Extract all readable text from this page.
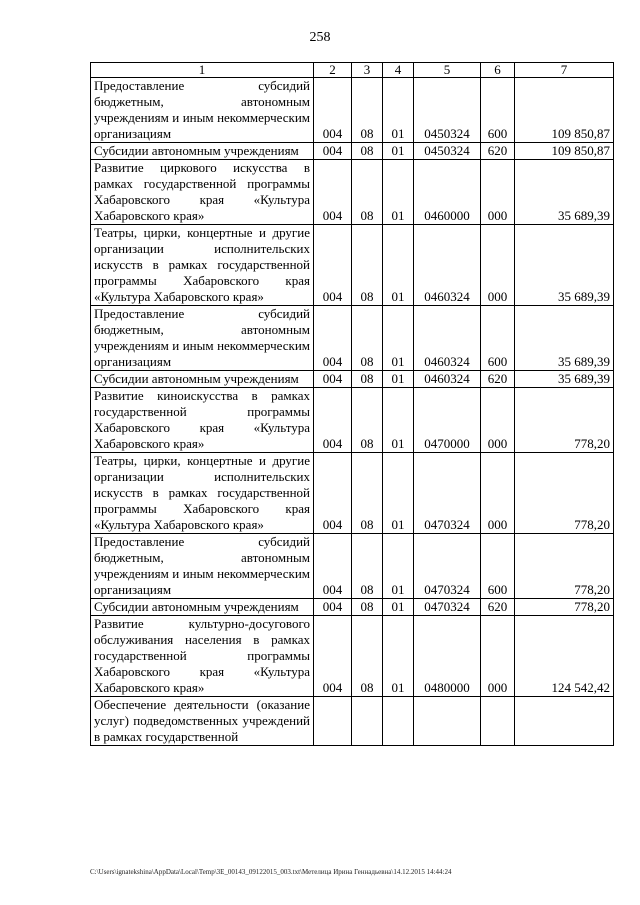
258
1	2	3	4	5	6	7
Предоставление субсидий бюджетным, автономным учреждениям и иным некоммерческим организациям	004	08	01	0450324	600	109 850,87
Субсидии автономным учреждениям	004	08	01	0450324	620	109 850,87
Развитие циркового искусства в рамках государственной программы Хабаровского края «Культура Хабаровского края»	004	08	01	0460000	000	35 689,39
Театры, цирки, концертные и другие организации исполнительских искусств в рамках государственной программы Хабаровского края «Культура Хабаровского края»	004	08	01	0460324	000	35 689,39
Предоставление субсидий бюджетным, автономным учреждениям и иным некоммерческим организациям	004	08	01	0460324	600	35 689,39
Субсидии автономным учреждениям	004	08	01	0460324	620	35 689,39
Развитие киноискусства в рамках государственной программы Хабаровского края «Культура Хабаровского края»	004	08	01	0470000	000	778,20
Театры, цирки, концертные и другие организации исполнительских искусств в рамках государственной программы Хабаровского края «Культура Хабаровского края»	004	08	01	0470324	000	778,20
Предоставление субсидий бюджетным, автономным учреждениям и иным некоммерческим организациям	004	08	01	0470324	600	778,20
Субсидии автономным учреждениям	004	08	01	0470324	620	778,20
Развитие культурно-досугового обслуживания населения в рамках государственной программы Хабаровского края «Культура Хабаровского края»	004	08	01	0480000	000	124 542,42
Обеспечение деятельности (оказание услуг) подведомственных учреждений в рамках государственной						
C:\Users\ignatekshina\AppData\Local\Temp\3E_00143_09122015_003.txt\Метелица Ирина Геннадьевна\14.12.2015 14:44:24
